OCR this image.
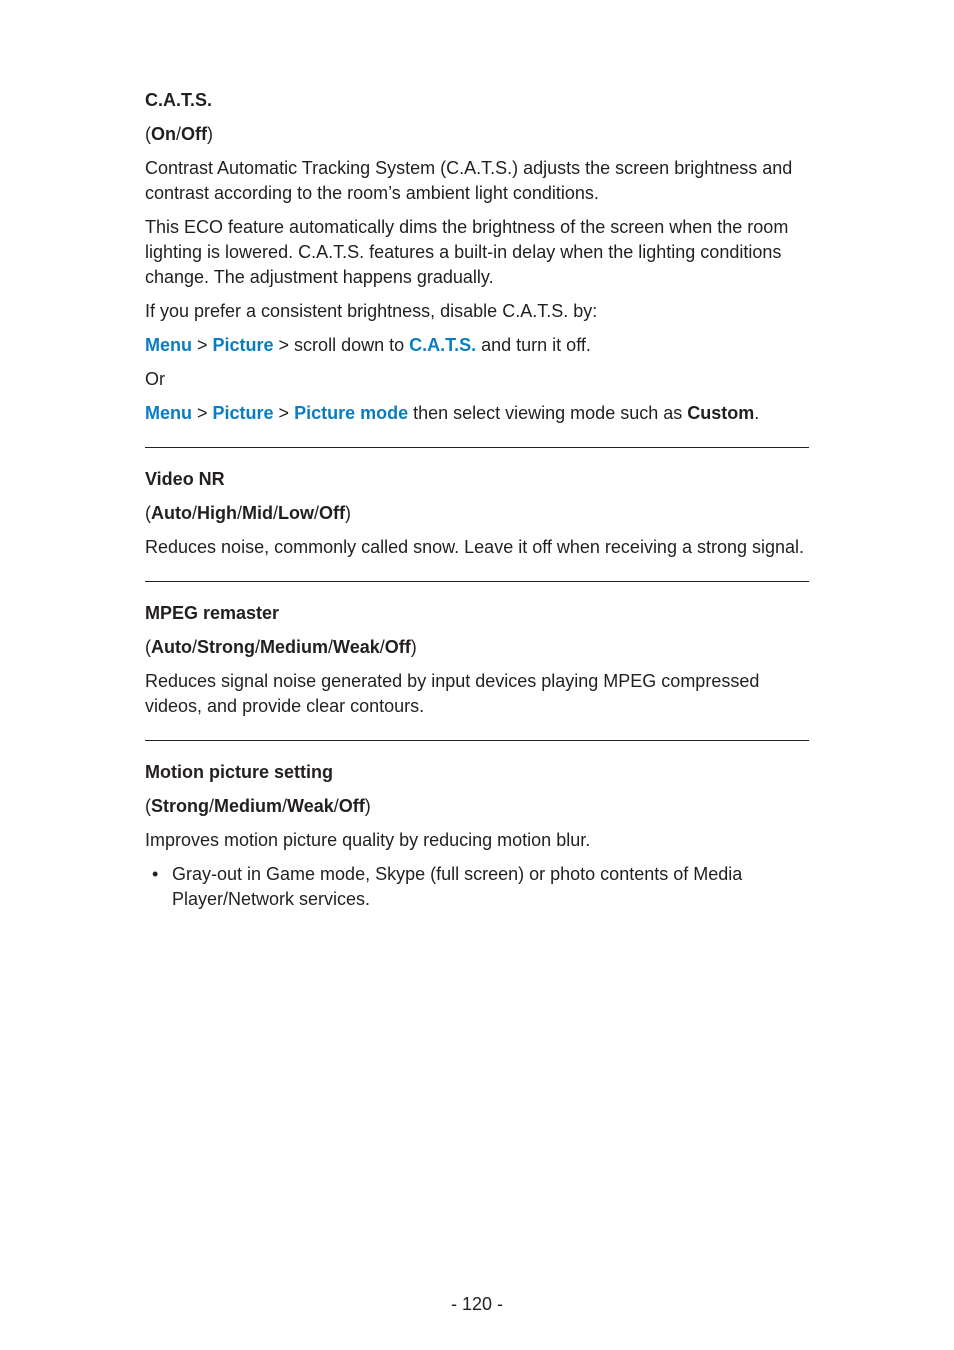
C.A.T.S.
(On/Off)

Contrast Automatic Tracking System (C.A.T.S.) adjusts the screen brightness and contrast according to the room’s ambient light conditions.

This ECO feature automatically dims the brightness of the screen when the room lighting is lowered. C.A.T.S. features a built-in delay when the lighting conditions change. The adjustment happens gradually.

If you prefer a consistent brightness, disable C.A.T.S. by:

Menu > Picture > scroll down to C.A.T.S. and turn it off.

Or

Menu > Picture > Picture mode then select viewing mode such as Custom.

Video NR
(Auto/High/Mid/Low/Off)

Reduces noise, commonly called snow. Leave it off when receiving a strong signal.

MPEG remaster
(Auto/Strong/Medium/Weak/Off)

Reduces signal noise generated by input devices playing MPEG compressed videos, and provide clear contours.

Motion picture setting
(Strong/Medium/Weak/Off)

Improves motion picture quality by reducing motion blur.

• Gray-out in Game mode, Skype (full screen) or photo contents of Media Player/Network services.
- 120 -
